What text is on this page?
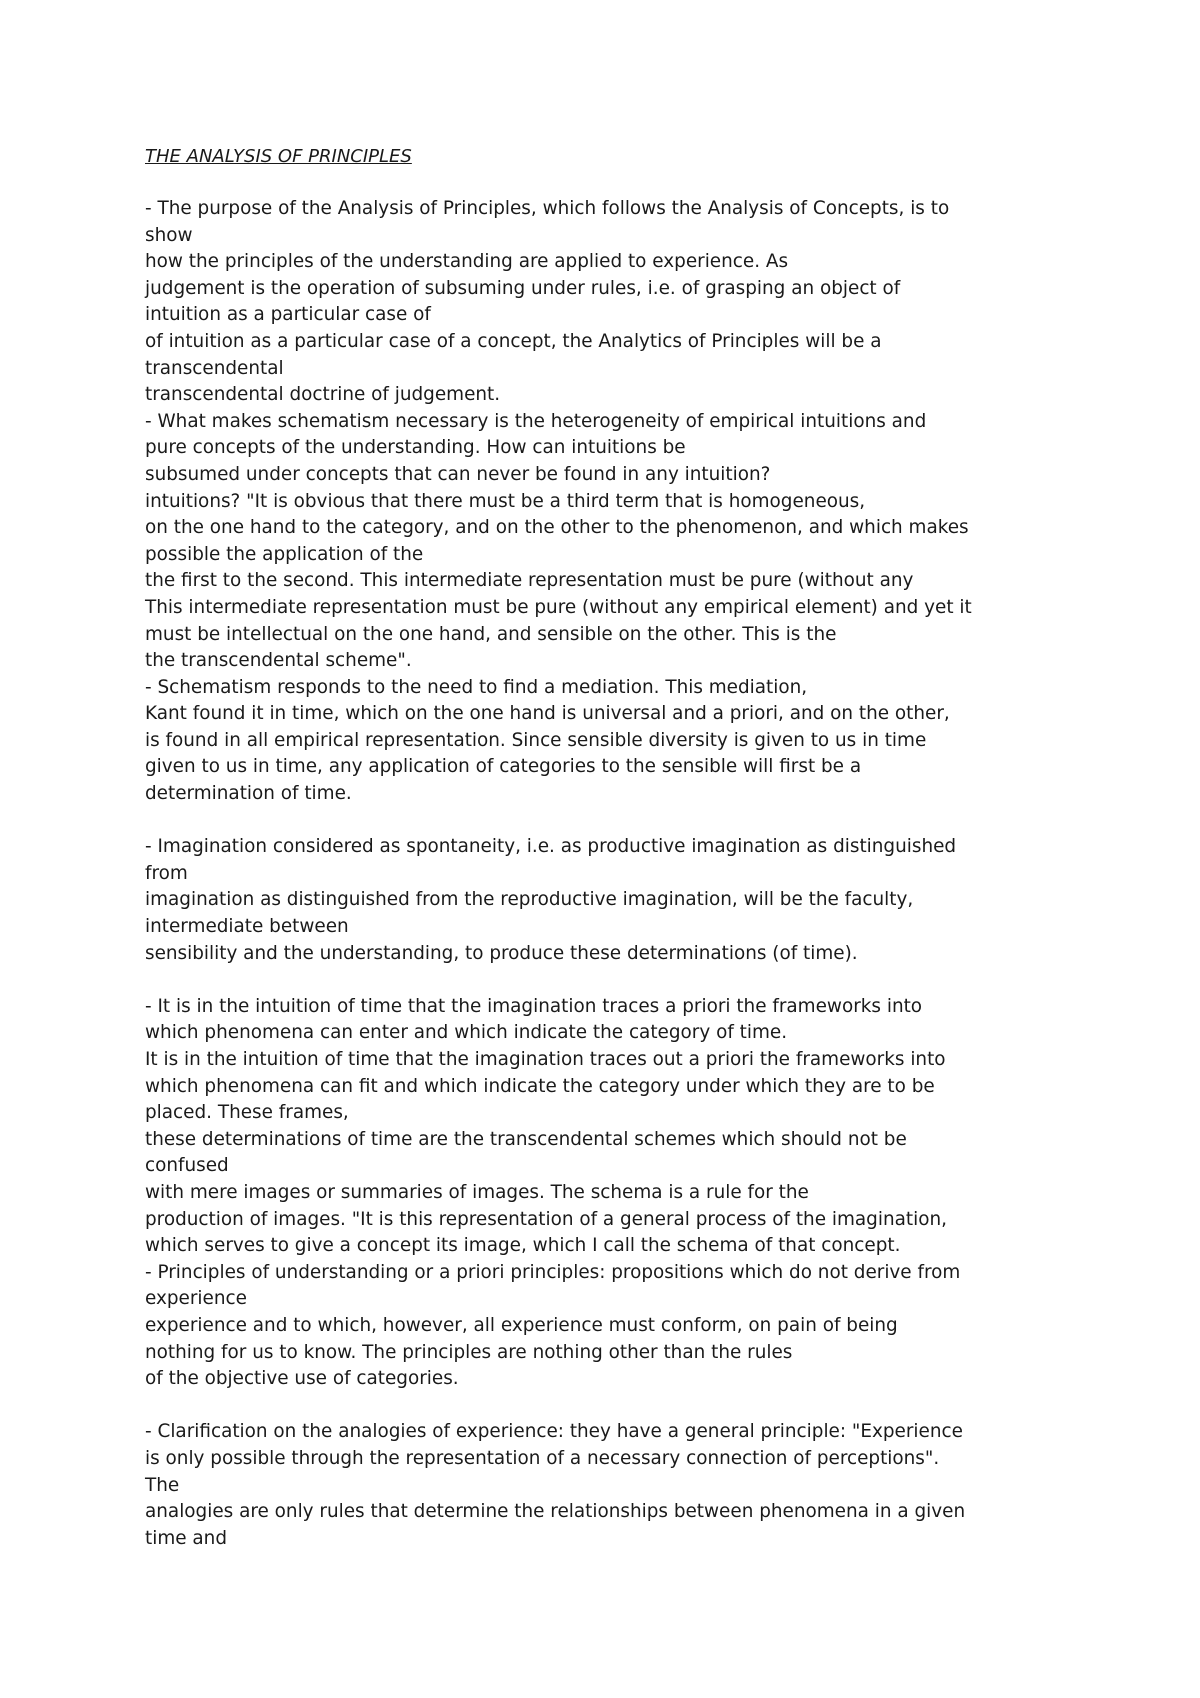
THE ANALYSIS OF PRINCIPLES
- The purpose of the Analysis of Principles, which follows the Analysis of Concepts, is to
show
how the principles of the understanding are applied to experience. As
judgement is the operation of subsuming under rules, i.e. of grasping an object of
intuition as a particular case of
of intuition as a particular case of a concept, the Analytics of Principles will be a
transcendental
transcendental doctrine of judgement.
- What makes schematism necessary is the heterogeneity of empirical intuitions and
pure concepts of the understanding. How can intuitions be
subsumed under concepts that can never be found in any intuition?
intuitions? "It is obvious that there must be a third term that is homogeneous,
on the one hand to the category, and on the other to the phenomenon, and which makes
possible the application of the
the first to the second. This intermediate representation must be pure (without any
This intermediate representation must be pure (without any empirical element) and yet it
must be intellectual on the one hand, and sensible on the other. This is the
the transcendental scheme".
- Schematism responds to the need to find a mediation. This mediation,
Kant found it in time, which on the one hand is universal and a priori, and on the other,
is found in all empirical representation. Since sensible diversity is given to us in time
given to us in time, any application of categories to the sensible will first be a
determination of time.
- Imagination considered as spontaneity, i.e. as productive imagination as distinguished
from
imagination as distinguished from the reproductive imagination, will be the faculty,
intermediate between
sensibility and the understanding, to produce these determinations (of time).
- It is in the intuition of time that the imagination traces a priori the frameworks into
which phenomena can enter and which indicate the category of time.
It is in the intuition of time that the imagination traces out a priori the frameworks into
which phenomena can fit and which indicate the category under which they are to be
placed. These frames,
these determinations of time are the transcendental schemes which should not be
confused
with mere images or summaries of images. The schema is a rule for the
production of images. "It is this representation of a general process of the imagination,
which serves to give a concept its image, which I call the schema of that concept.
- Principles of understanding or a priori principles: propositions which do not derive from
experience
experience and to which, however, all experience must conform, on pain of being
nothing for us to know. The principles are nothing other than the rules
of the objective use of categories.
- Clarification on the analogies of experience: they have a general principle: "Experience
is only possible through the representation of a necessary connection of perceptions".
The
analogies are only rules that determine the relationships between phenomena in a given
time and
